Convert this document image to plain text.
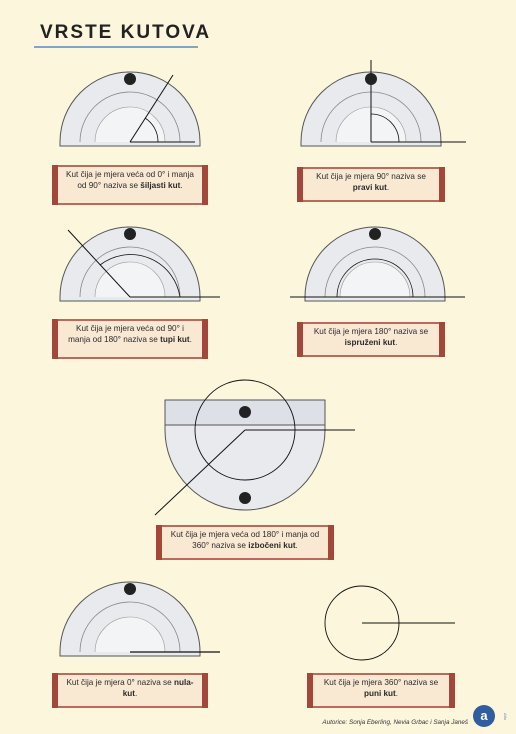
VRSTE KUTOVA
Kut čija je mjera veća od 0° i manja od 90° naziva se šiljasti kut.
Kut čija je mjera 90° naziva se pravi kut.
Kut čija je mjera veća od 90° i manja od 180° naziva se tupi kut.
Kut čija je mjera 180° naziva se ispruženi kut.
Kut čija je mjera veća od 180° i manja od 360° naziva se izbočeni kut.
Kut čija je mjera 0° naziva se nula-kut.
Kut čija je mjera 360° naziva se puni kut.
Autorice: Sonja Eberling, Nevia Grbac i Sanja Janeš a	Alfa
